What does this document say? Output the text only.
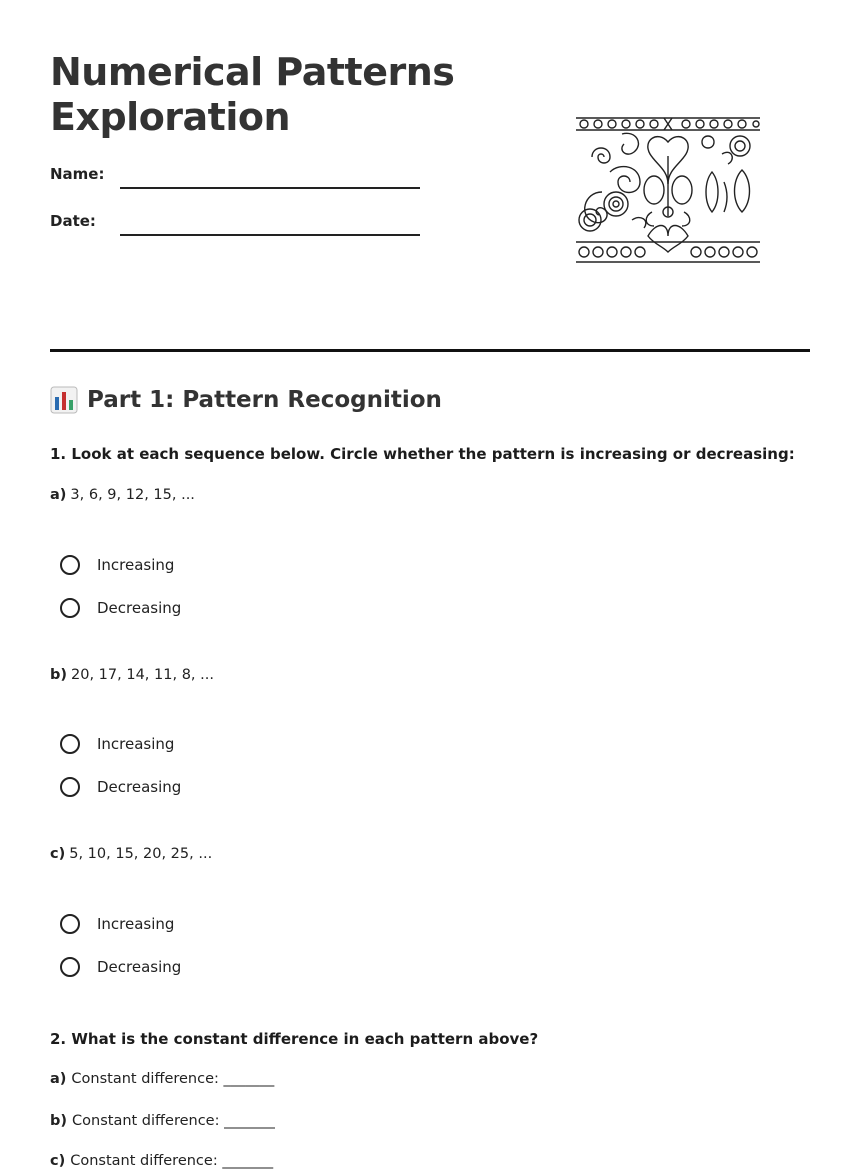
Numerical Patterns Exploration
Name:
Date:
Part 1: Pattern Recognition
1. Look at each sequence below. Circle whether the pattern is increasing or decreasing:
a) 3, 6, 9, 12, 15, ...
Increasing
Decreasing
b) 20, 17, 14, 11, 8, ...
Increasing
Decreasing
c) 5, 10, 15, 20, 25, ...
Increasing
Decreasing
2. What is the constant difference in each pattern above?
a) Constant difference: _______
b) Constant difference: _______
c) Constant difference: _______
